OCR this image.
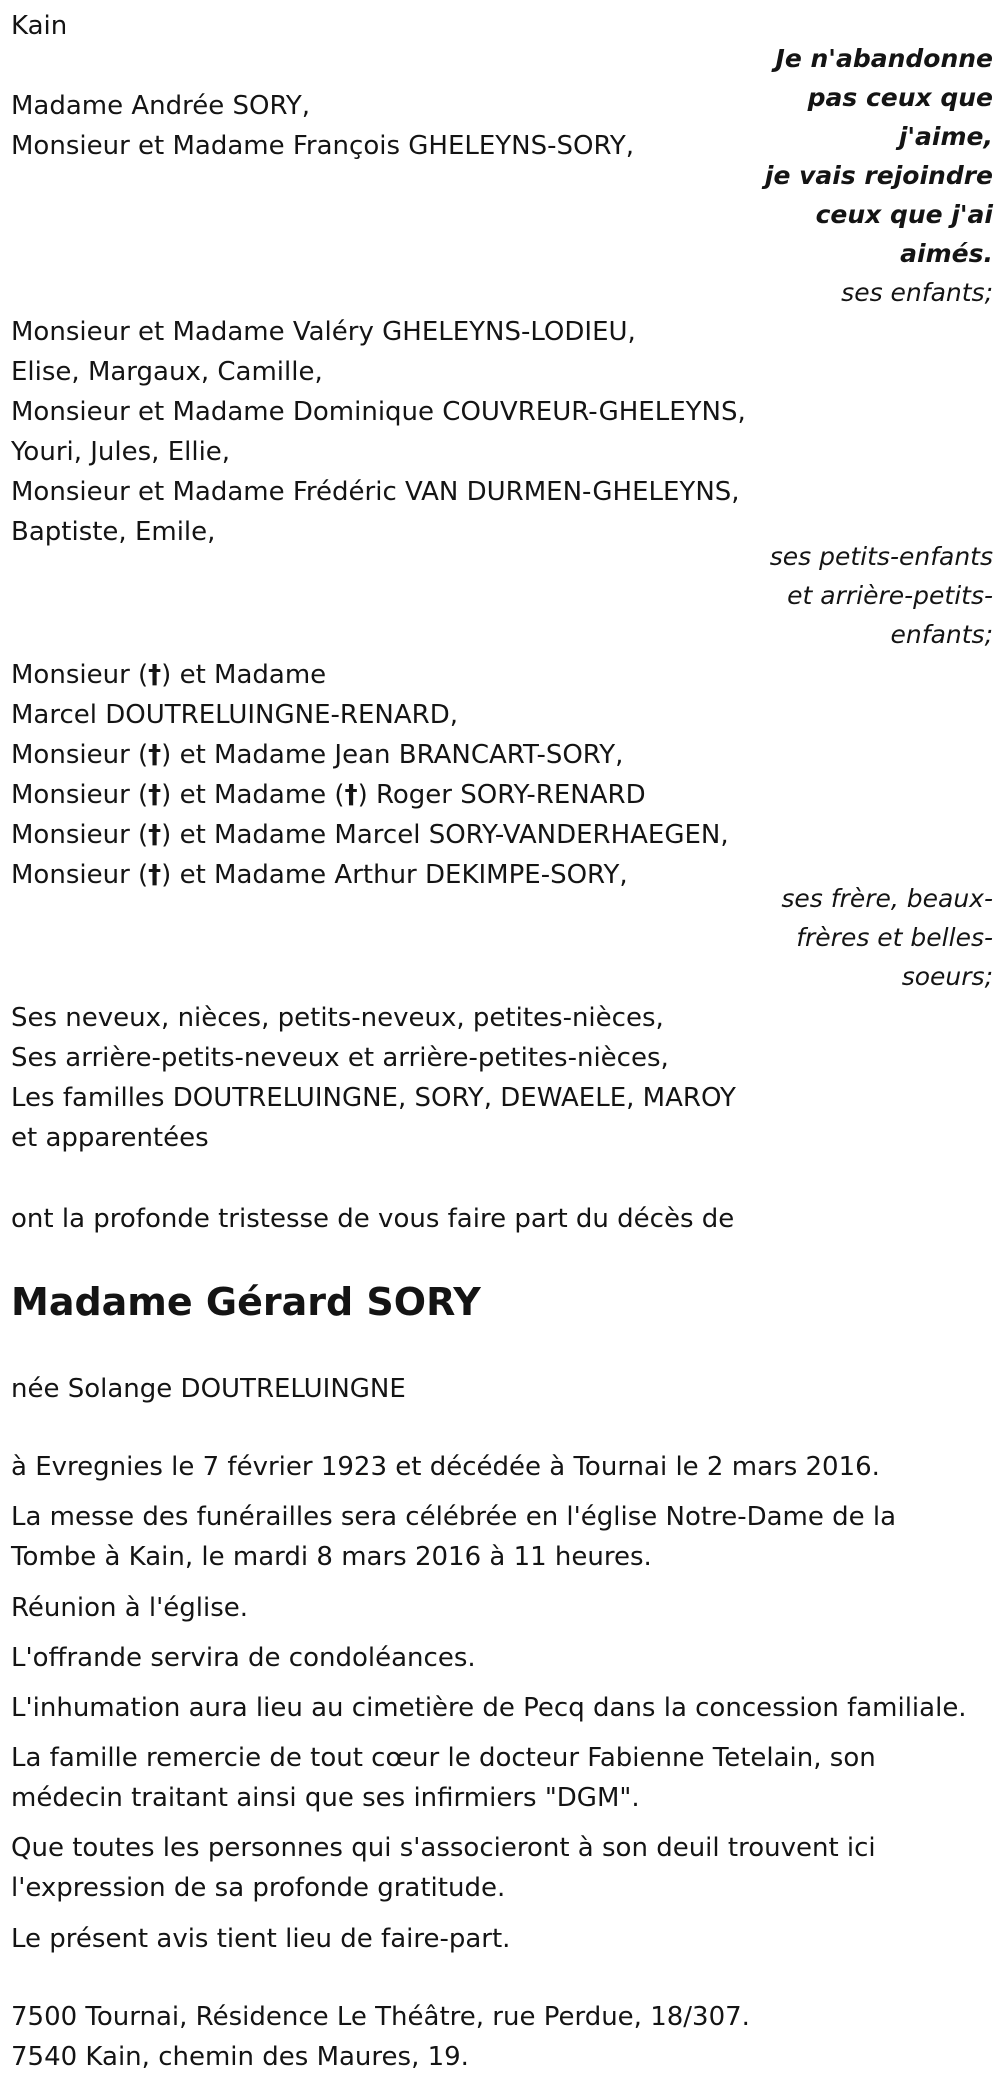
Kain
Je n'abandonne
pas ceux que
j'aime,
je vais rejoindre
ceux que j'ai
aimés.
Madame Andrée SORY,
Monsieur et Madame François GHELEYNS-SORY,
ses enfants;
Monsieur et Madame Valéry GHELEYNS-LODIEU,
Elise, Margaux, Camille,
Monsieur et Madame Dominique COUVREUR-GHELEYNS,
Youri, Jules, Ellie,
Monsieur et Madame Frédéric VAN DURMEN-GHELEYNS,
Baptiste, Emile,
ses petits-enfants
et arrière-petits-
enfants;
Monsieur (†) et Madame
Marcel DOUTRELUINGNE-RENARD,
Monsieur (†) et Madame Jean BRANCART-SORY,
Monsieur (†) et Madame (†) Roger SORY-RENARD
Monsieur (†) et Madame Marcel SORY-VANDERHAEGEN,
Monsieur (†) et Madame Arthur DEKIMPE-SORY,
ses frère, beaux-
frères et belles-
soeurs;
Ses neveux, nièces, petits-neveux, petites-nièces,
Ses arrière-petits-neveux et arrière-petites-nièces,
Les familles DOUTRELUINGNE, SORY, DEWAELE, MAROY
et apparentées
ont la profonde tristesse de vous faire part du décès de
Madame Gérard SORY
née Solange DOUTRELUINGNE
à Evregnies le 7 février 1923 et décédée à Tournai le 2 mars 2016.
La messe des funérailles sera célébrée en l'église Notre-Dame de la
Tombe à Kain, le mardi 8 mars 2016 à 11 heures.
Réunion à l'église.
L'offrande servira de condoléances.
L'inhumation aura lieu au cimetière de Pecq dans la concession familiale.
La famille remercie de tout cœur le docteur Fabienne Tetelain, son
médecin traitant ainsi que ses infirmiers "DGM".
Que toutes les personnes qui s'associeront à son deuil trouvent ici
l'expression de sa profonde gratitude.
Le présent avis tient lieu de faire-part.
7500 Tournai, Résidence Le Théâtre, rue Perdue, 18/307.
7540 Kain, chemin des Maures, 19.
